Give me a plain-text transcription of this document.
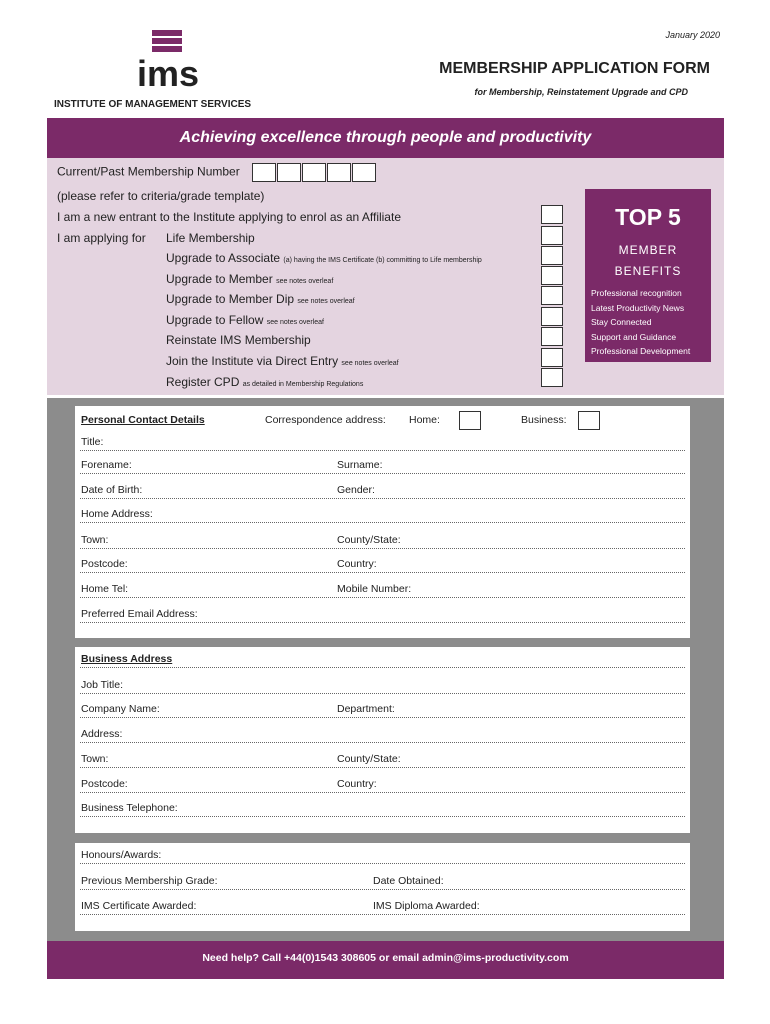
January 2020
ims
INSTITUTE OF MANAGEMENT SERVICES
MEMBERSHIP APPLICATION FORM
for Membership, Reinstatement Upgrade and CPD
Achieving excellence through people and productivity
Current/Past Membership Number
(please refer to criteria/grade template)
I am a new entrant to the Institute applying to enrol as an Affiliate
I am applying for Life Membership
Upgrade to Associate (a) having the IMS Certificate (b) committing to Life membership
Upgrade to Member see notes overleaf
Upgrade to Member Dip see notes overleaf
Upgrade to Fellow see notes overleaf
Reinstate IMS Membership
Join the Institute via Direct Entry see notes overleaf
Register CPD as detailed in Membership Regulations
TOP 5
MEMBER
BENEFITS
Professional recognition
Latest Productivity News
Stay Connected
Support and Guidance
Professional Development
Personal Contact Details	Correspondence address: Home:	Business:
Title:
Forename:	Surname:
Date of Birth:	Gender:
Home Address:
Town:	County/State:
Postcode:	Country:
Home Tel:	Mobile Number:
Preferred Email Address:
Business Address
Job Title:
Company Name:	Department:
Address:
Town:	County/State:
Postcode:	Country:
Business Telephone:
Honours/Awards:
Previous Membership Grade:	Date Obtained:
IMS Certificate Awarded:	IMS Diploma Awarded:
Need help? Call +44(0)1543 308605 or email admin@ims-productivity.com
